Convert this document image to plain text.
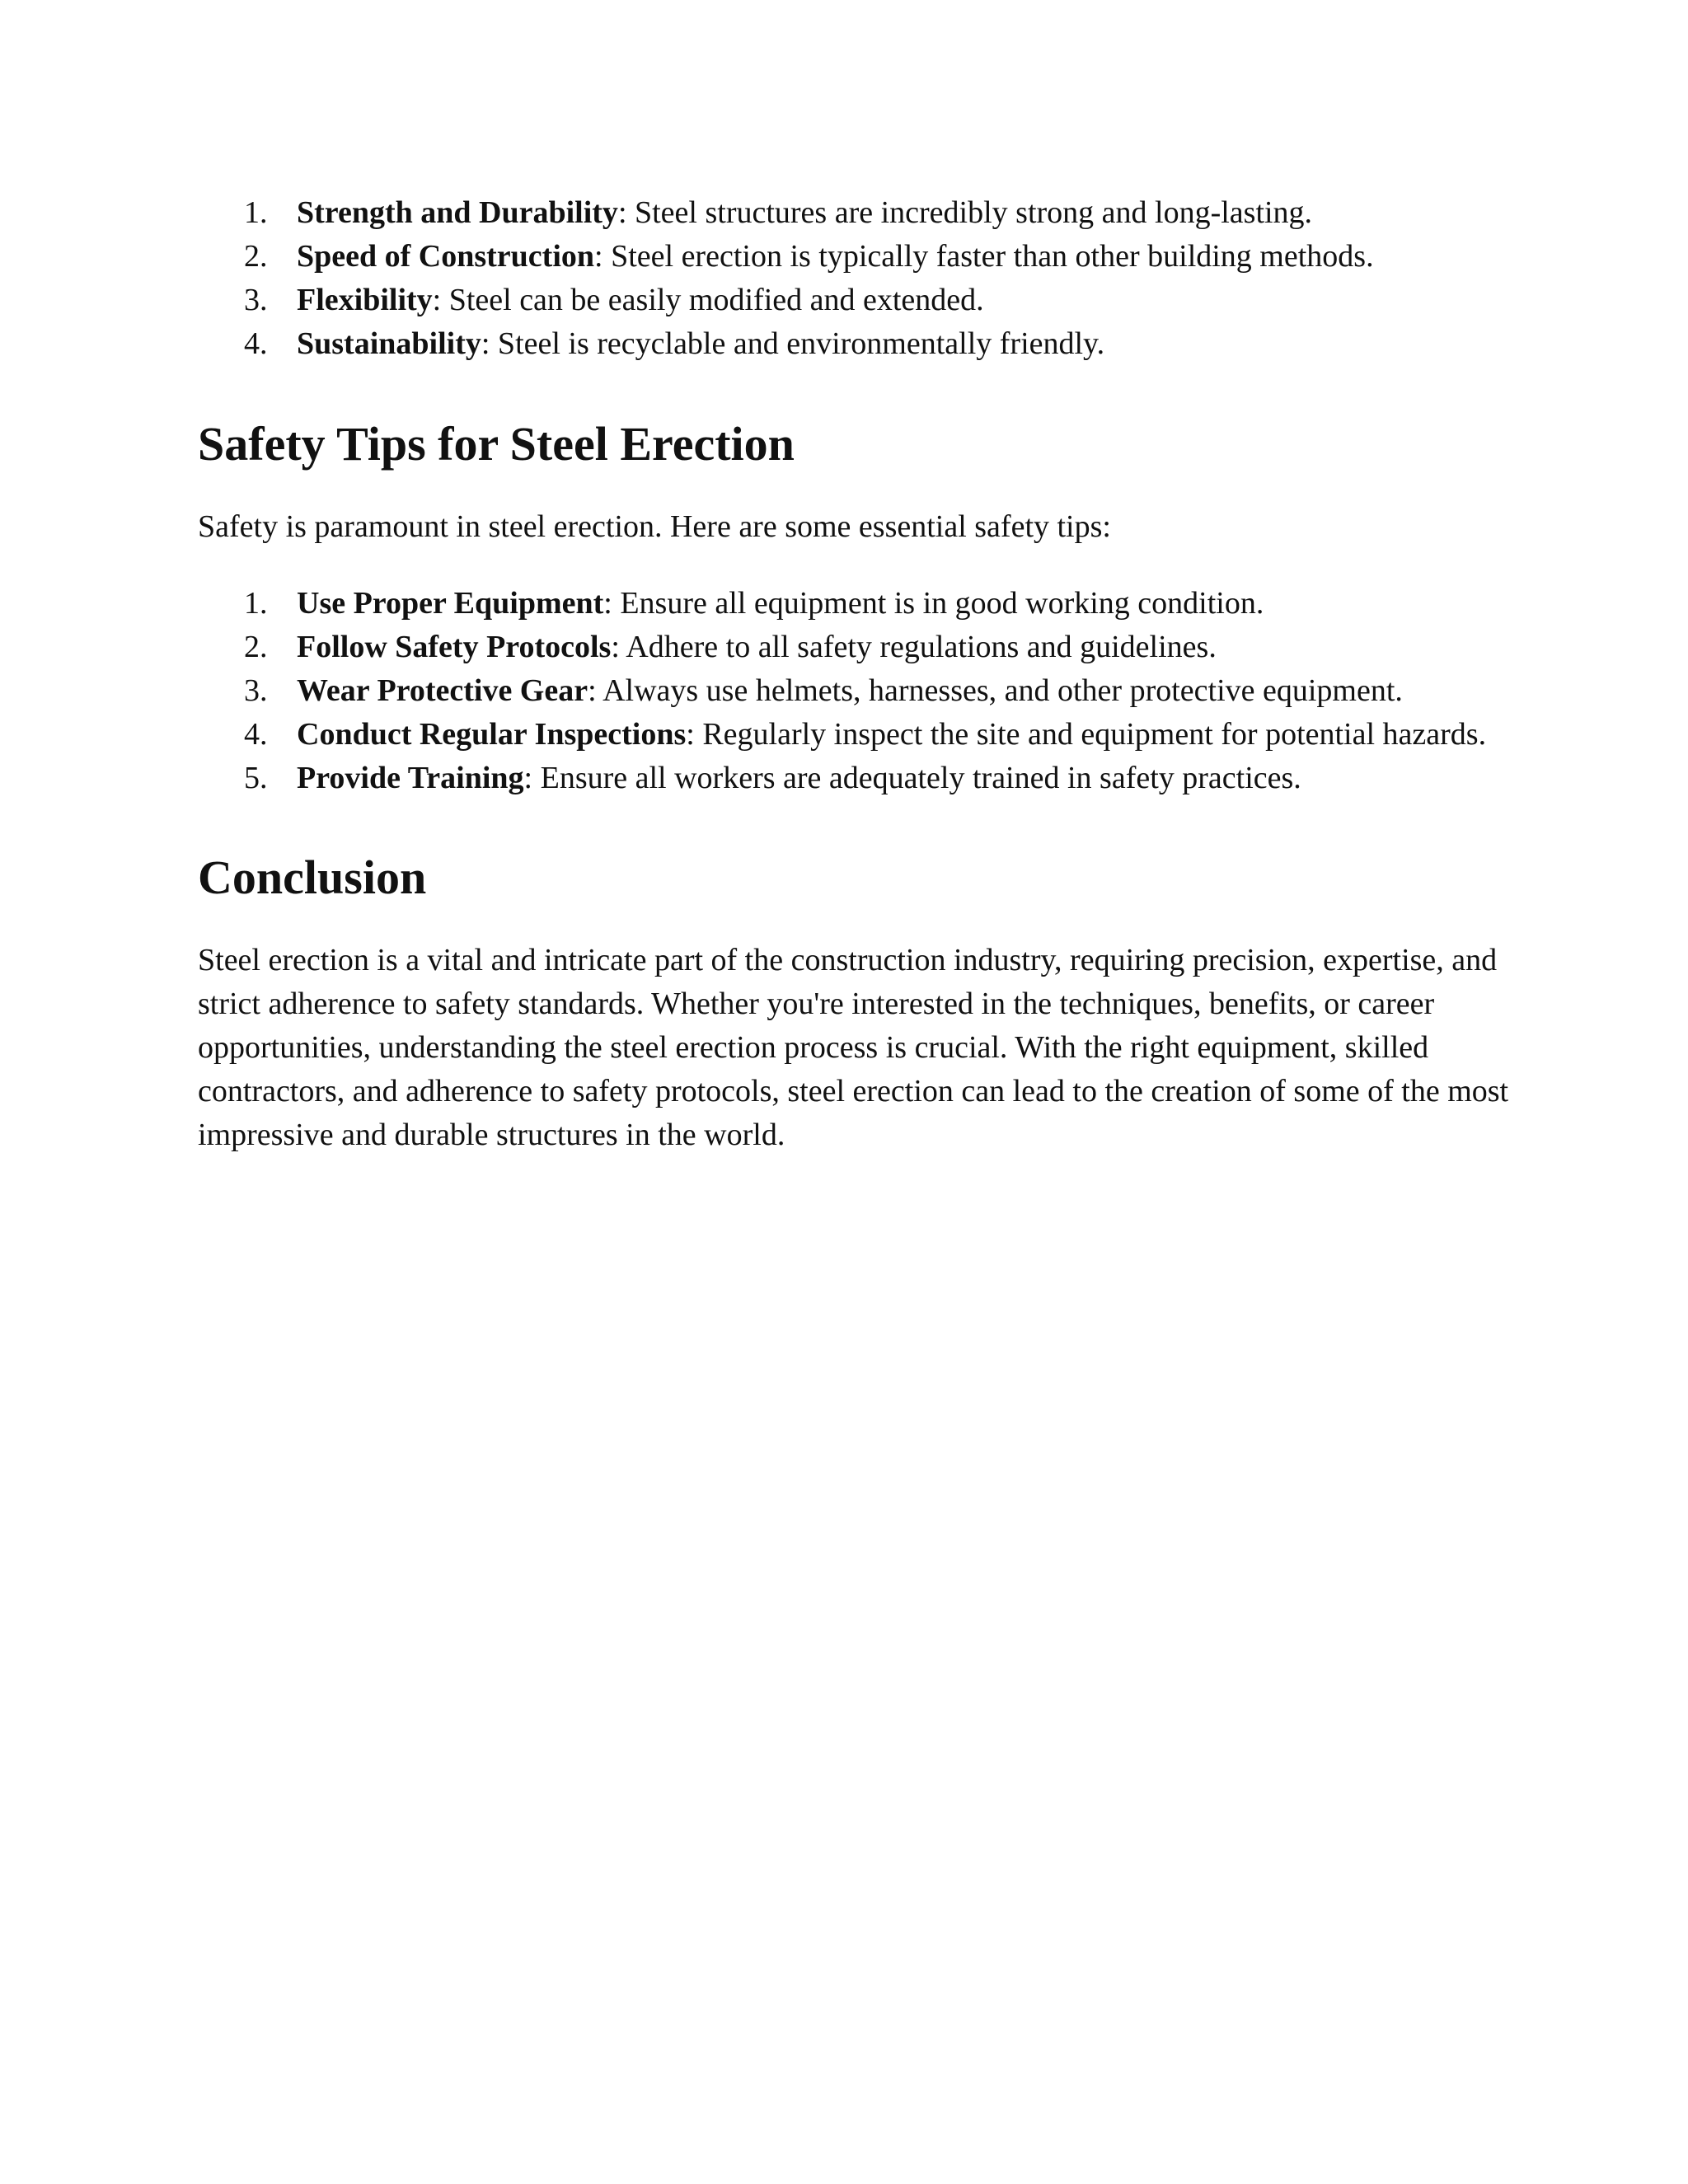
1. Strength and Durability: Steel structures are incredibly strong and long-lasting.
2. Speed of Construction: Steel erection is typically faster than other building methods.
3. Flexibility: Steel can be easily modified and extended.
4. Sustainability: Steel is recyclable and environmentally friendly.
Safety Tips for Steel Erection

Safety is paramount in steel erection. Here are some essential safety tips:

1. Use Proper Equipment: Ensure all equipment is in good working condition.
2. Follow Safety Protocols: Adhere to all safety regulations and guidelines.
3. Wear Protective Gear: Always use helmets, harnesses, and other protective equipment.
4. Conduct Regular Inspections: Regularly inspect the site and equipment for potential hazards.
5. Provide Training: Ensure all workers are adequately trained in safety practices.
Conclusion

Steel erection is a vital and intricate part of the construction industry, requiring precision, expertise, and strict adherence to safety standards. Whether you're interested in the techniques, benefits, or career opportunities, understanding the steel erection process is crucial. With the right equipment, skilled contractors, and adherence to safety protocols, steel erection can lead to the creation of some of the most impressive and durable structures in the world.
